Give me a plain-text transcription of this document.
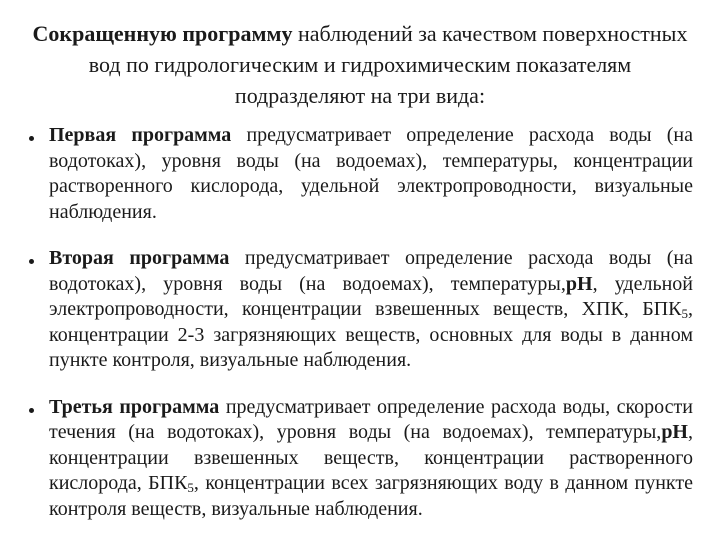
Сокращенную программу наблюдений за качеством поверхностных вод по гидрологическим и гидрохимическим показателям подразделяют на три вида:

Первая программа предусматривает определение расхода воды (на водотоках), уровня воды (на водоемах), температуры, концентрации растворенного кислорода, удельной электропроводности, визуальные наблюдения.
Вторая программа предусматривает определение расхода воды (на водотоках), уровня воды (на водоемах), температуры,pH, удельной электропроводности, концентрации взвешенных веществ, ХПК, $БПК_5$, концентрации 2-3 загрязняющих веществ, основных для воды в данном пункте контроля, визуальные наблюдения.
Третья программа предусматривает определение расхода воды, скорости течения (на водотоках), уровня воды (на водоемах), температуры,pH, концентрации взвешенных веществ, концентрации растворенного кислорода, $БПК_5$, концентрации всех загрязняющих воду в данном пункте контроля веществ, визуальные наблюдения.
